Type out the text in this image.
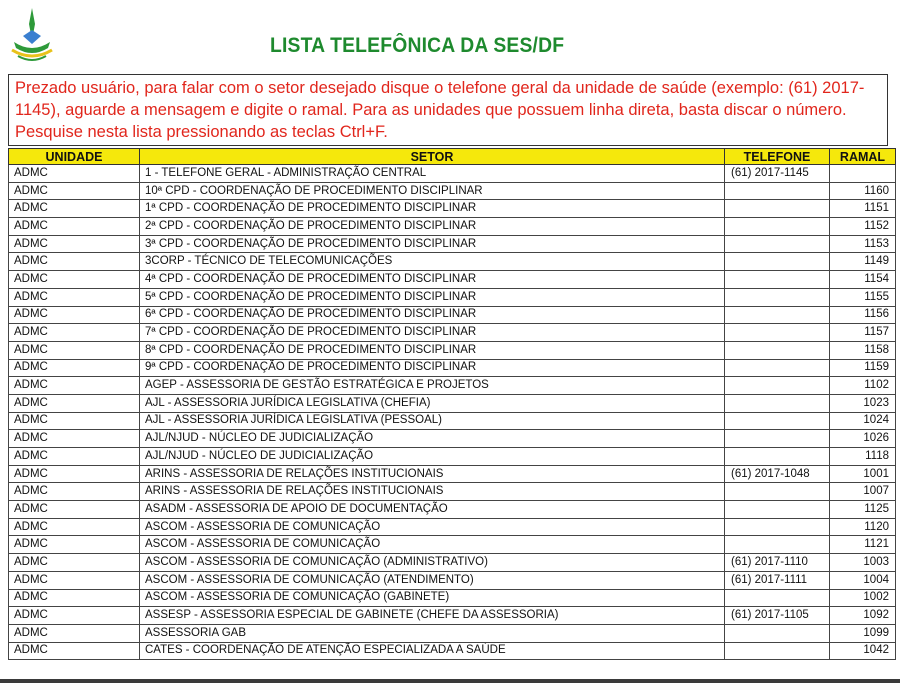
LISTA TELEFÔNICA DA SES/DF
Prezado usuário, para falar com o setor desejado disque o telefone geral da unidade de saúde (exemplo: (61) 2017-1145), aguarde a mensagem e digite o ramal. Para as unidades que possuem linha direta, basta discar o número. Pesquise nesta lista pressionando as teclas Ctrl+F.
UNIDADE	SETOR	TELEFONE	RAMAL
ADMC	1 - TELEFONE GERAL - ADMINISTRAÇÃO CENTRAL	(61) 2017-1145	
ADMC	10ª CPD - COORDENAÇÃO DE PROCEDIMENTO DISCIPLINAR		1160
ADMC	1ª CPD - COORDENAÇÃO DE PROCEDIMENTO DISCIPLINAR		1151
ADMC	2ª CPD - COORDENAÇÃO DE PROCEDIMENTO DISCIPLINAR		1152
ADMC	3ª CPD - COORDENAÇÃO DE PROCEDIMENTO DISCIPLINAR		1153
ADMC	3CORP - TÉCNICO DE TELECOMUNICAÇÕES		1149
ADMC	4ª CPD - COORDENAÇÃO DE PROCEDIMENTO DISCIPLINAR		1154
ADMC	5ª CPD - COORDENAÇÃO DE PROCEDIMENTO DISCIPLINAR		1155
ADMC	6ª CPD - COORDENAÇÃO DE PROCEDIMENTO DISCIPLINAR		1156
ADMC	7ª CPD - COORDENAÇÃO DE PROCEDIMENTO DISCIPLINAR		1157
ADMC	8ª CPD - COORDENAÇÃO DE PROCEDIMENTO DISCIPLINAR		1158
ADMC	9ª CPD - COORDENAÇÃO DE PROCEDIMENTO DISCIPLINAR		1159
ADMC	AGEP - ASSESSORIA DE GESTÃO ESTRATÉGICA E PROJETOS		1102
ADMC	AJL - ASSESSORIA JURÍDICA LEGISLATIVA (CHEFIA)		1023
ADMC	AJL - ASSESSORIA JURÍDICA LEGISLATIVA (PESSOAL)		1024
ADMC	AJL/NJUD - NÚCLEO DE JUDICIALIZAÇÃO		1026
ADMC	AJL/NJUD - NÚCLEO DE JUDICIALIZAÇÃO		1118
ADMC	ARINS - ASSESSORIA DE RELAÇÕES INSTITUCIONAIS	(61) 2017-1048	1001
ADMC	ARINS - ASSESSORIA DE RELAÇÕES INSTITUCIONAIS		1007
ADMC	ASADM - ASSESSORIA DE APOIO DE DOCUMENTAÇÃO		1125
ADMC	ASCOM - ASSESSORIA DE COMUNICAÇÃO		1120
ADMC	ASCOM - ASSESSORIA DE COMUNICAÇÃO		1121
ADMC	ASCOM - ASSESSORIA DE COMUNICAÇÃO (ADMINISTRATIVO)	(61) 2017-1110	1003
ADMC	ASCOM - ASSESSORIA DE COMUNICAÇÃO (ATENDIMENTO)	(61) 2017-1111	1004
ADMC	ASCOM - ASSESSORIA DE COMUNICAÇÃO (GABINETE)		1002
ADMC	ASSESP - ASSESSORIA ESPECIAL DE GABINETE (CHEFE DA ASSESSORIA)	(61) 2017-1105	1092
ADMC	ASSESSORIA GAB		1099
ADMC	CATES - COORDENAÇÃO DE ATENÇÃO ESPECIALIZADA A SAÚDE		1042
